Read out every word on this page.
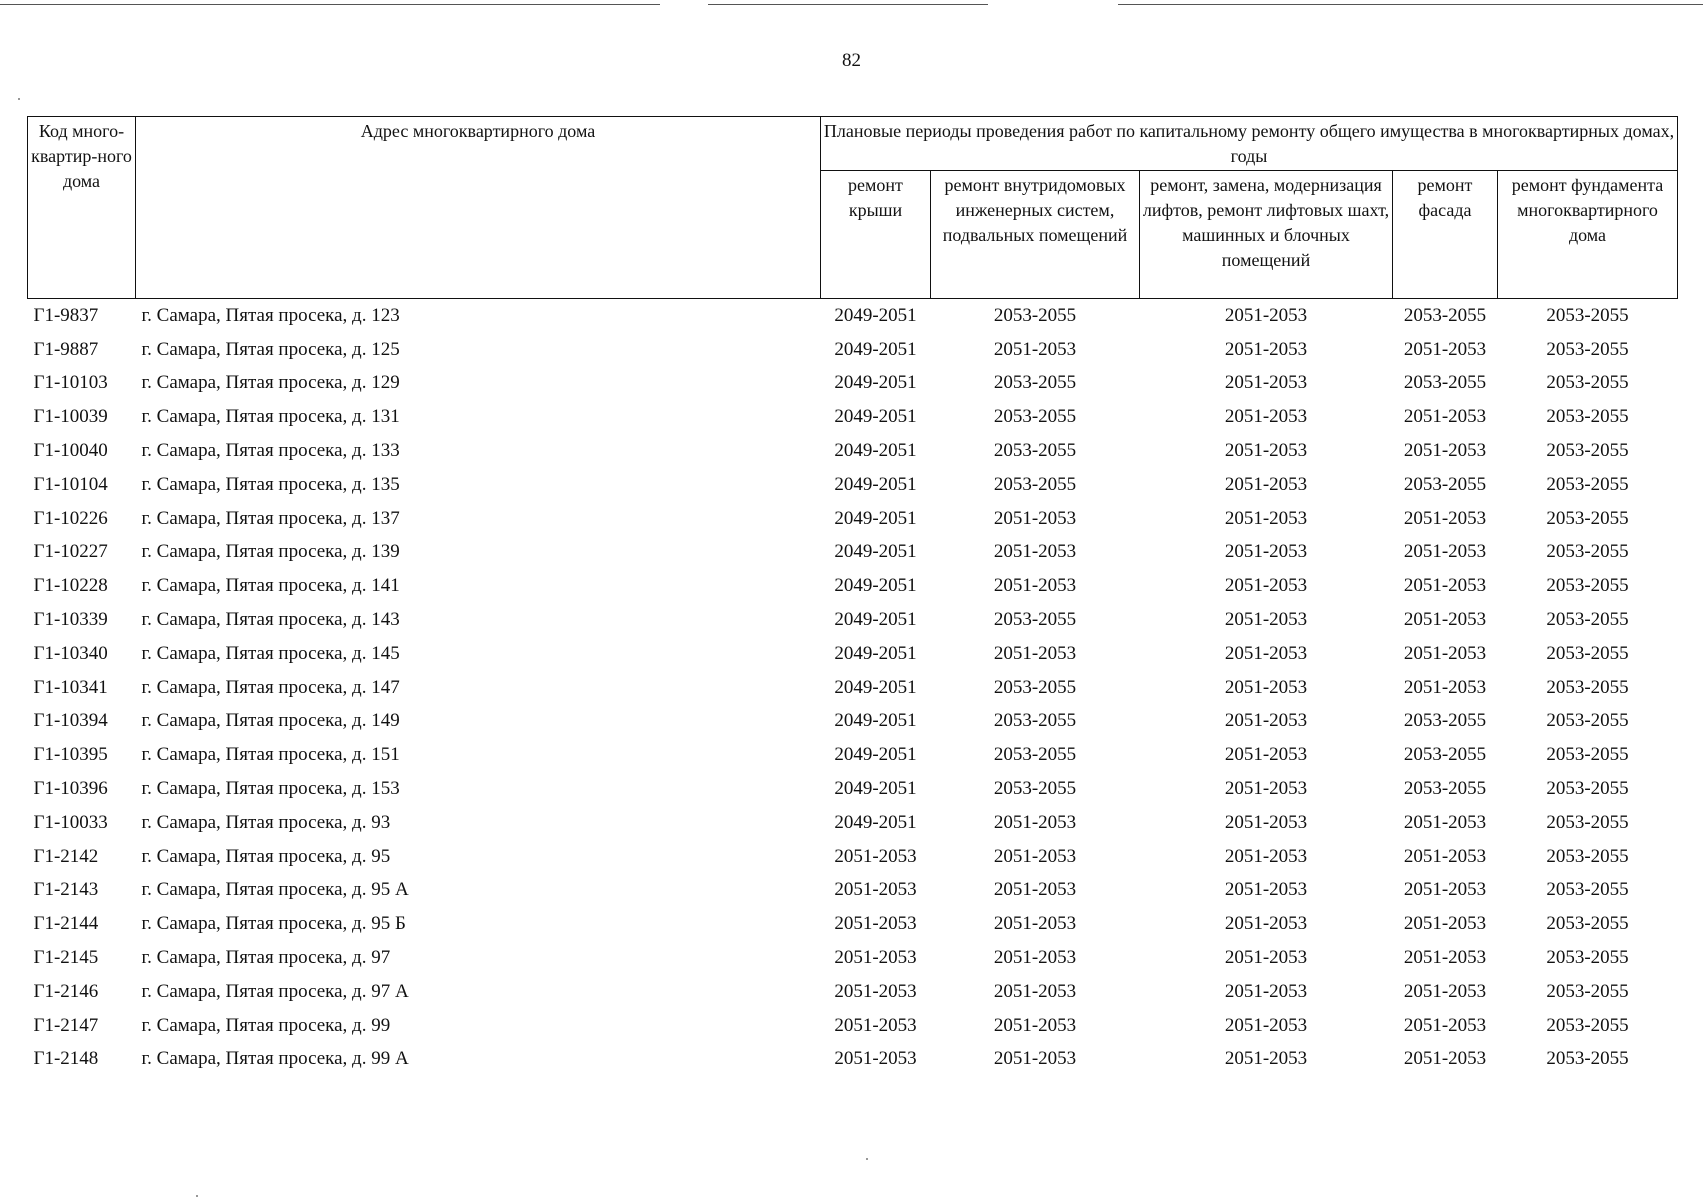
82
Код много-квартир-ного дома	Адрес многоквартирного дома	Плановые периоды проведения работ по капитальному ремонту общего имущества в многоквартирных домах, годы				
		ремонт крыши	ремонт внутридомовых инженерных систем, подвальных помещений	ремонт, замена, модернизация лифтов, ремонт лифтовых шахт, машинных и блочных помещений	ремонт фасада	ремонт фундамента многоквартирного дома
Г1-9837	г. Самара, Пятая просека, д. 123	2049-2051	2053-2055	2051-2053	2053-2055	2053-2055
Г1-9887	г. Самара, Пятая просека, д. 125	2049-2051	2051-2053	2051-2053	2051-2053	2053-2055
Г1-10103	г. Самара, Пятая просека, д. 129	2049-2051	2053-2055	2051-2053	2053-2055	2053-2055
Г1-10039	г. Самара, Пятая просека, д. 131	2049-2051	2053-2055	2051-2053	2051-2053	2053-2055
Г1-10040	г. Самара, Пятая просека, д. 133	2049-2051	2053-2055	2051-2053	2051-2053	2053-2055
Г1-10104	г. Самара, Пятая просека, д. 135	2049-2051	2053-2055	2051-2053	2053-2055	2053-2055
Г1-10226	г. Самара, Пятая просека, д. 137	2049-2051	2051-2053	2051-2053	2051-2053	2053-2055
Г1-10227	г. Самара, Пятая просека, д. 139	2049-2051	2051-2053	2051-2053	2051-2053	2053-2055
Г1-10228	г. Самара, Пятая просека, д. 141	2049-2051	2051-2053	2051-2053	2051-2053	2053-2055
Г1-10339	г. Самара, Пятая просека, д. 143	2049-2051	2053-2055	2051-2053	2051-2053	2053-2055
Г1-10340	г. Самара, Пятая просека, д. 145	2049-2051	2051-2053	2051-2053	2051-2053	2053-2055
Г1-10341	г. Самара, Пятая просека, д. 147	2049-2051	2053-2055	2051-2053	2051-2053	2053-2055
Г1-10394	г. Самара, Пятая просека, д. 149	2049-2051	2053-2055	2051-2053	2053-2055	2053-2055
Г1-10395	г. Самара, Пятая просека, д. 151	2049-2051	2053-2055	2051-2053	2053-2055	2053-2055
Г1-10396	г. Самара, Пятая просека, д. 153	2049-2051	2053-2055	2051-2053	2053-2055	2053-2055
Г1-10033	г. Самара, Пятая просека, д. 93	2049-2051	2051-2053	2051-2053	2051-2053	2053-2055
Г1-2142	г. Самара, Пятая просека, д. 95	2051-2053	2051-2053	2051-2053	2051-2053	2053-2055
Г1-2143	г. Самара, Пятая просека, д. 95 А	2051-2053	2051-2053	2051-2053	2051-2053	2053-2055
Г1-2144	г. Самара, Пятая просека, д. 95 Б	2051-2053	2051-2053	2051-2053	2051-2053	2053-2055
Г1-2145	г. Самара, Пятая просека, д. 97	2051-2053	2051-2053	2051-2053	2051-2053	2053-2055
Г1-2146	г. Самара, Пятая просека, д. 97 А	2051-2053	2051-2053	2051-2053	2051-2053	2053-2055
Г1-2147	г. Самара, Пятая просека, д. 99	2051-2053	2051-2053	2051-2053	2051-2053	2053-2055
Г1-2148	г. Самара, Пятая просека, д. 99 А	2051-2053	2051-2053	2051-2053	2051-2053	2053-2055
